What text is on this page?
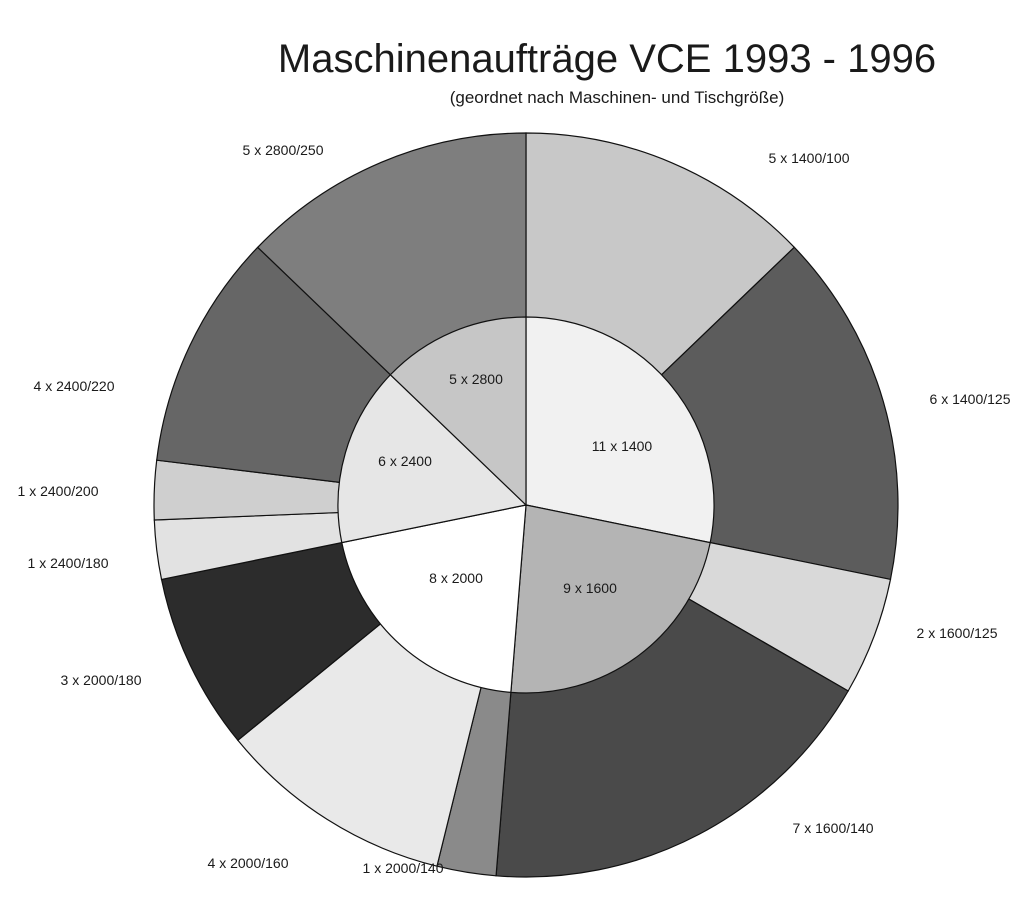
Maschinenaufträge VCE 1993 - 1996
(geordnet nach Maschinen- und Tischgröße)
5 x 1400/100
6 x 1400/125
2 x 1600/125
7 x 1600/140
1 x 2000/140
4 x 2000/160
3 x 2000/180
1 x 2400/180
1 x 2400/200
4 x 2400/220
5 x 2800/250
11 x 1400
9 x 1600
8 x 2000
6 x 2400
5 x 2800
